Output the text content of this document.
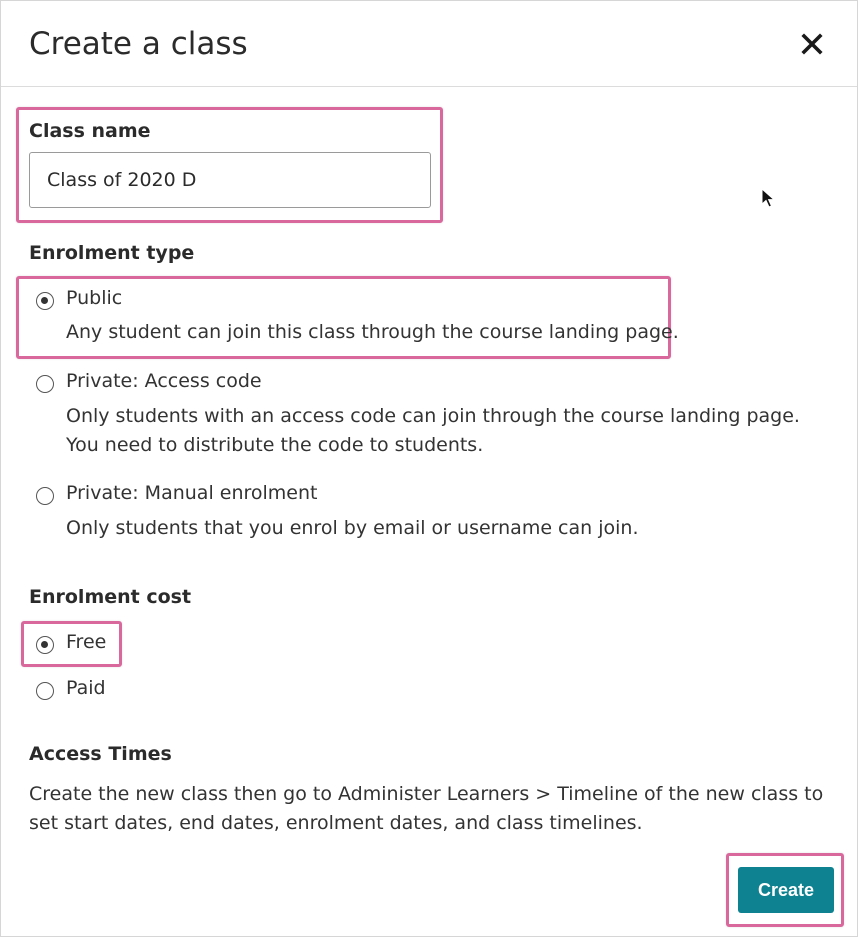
Create a class
Class name
Class of 2020 D
Enrolment type
Public
Any student can join this class through the course landing page.
Private: Access code
Only students with an access code can join through the course landing page.
You need to distribute the code to students.
Private: Manual enrolment
Only students that you enrol by email or username can join.
Enrolment cost
Free
Paid
Access Times
Create the new class then go to Administer Learners > Timeline of the new class to set start dates, end dates, enrolment dates, and class timelines.
Create
